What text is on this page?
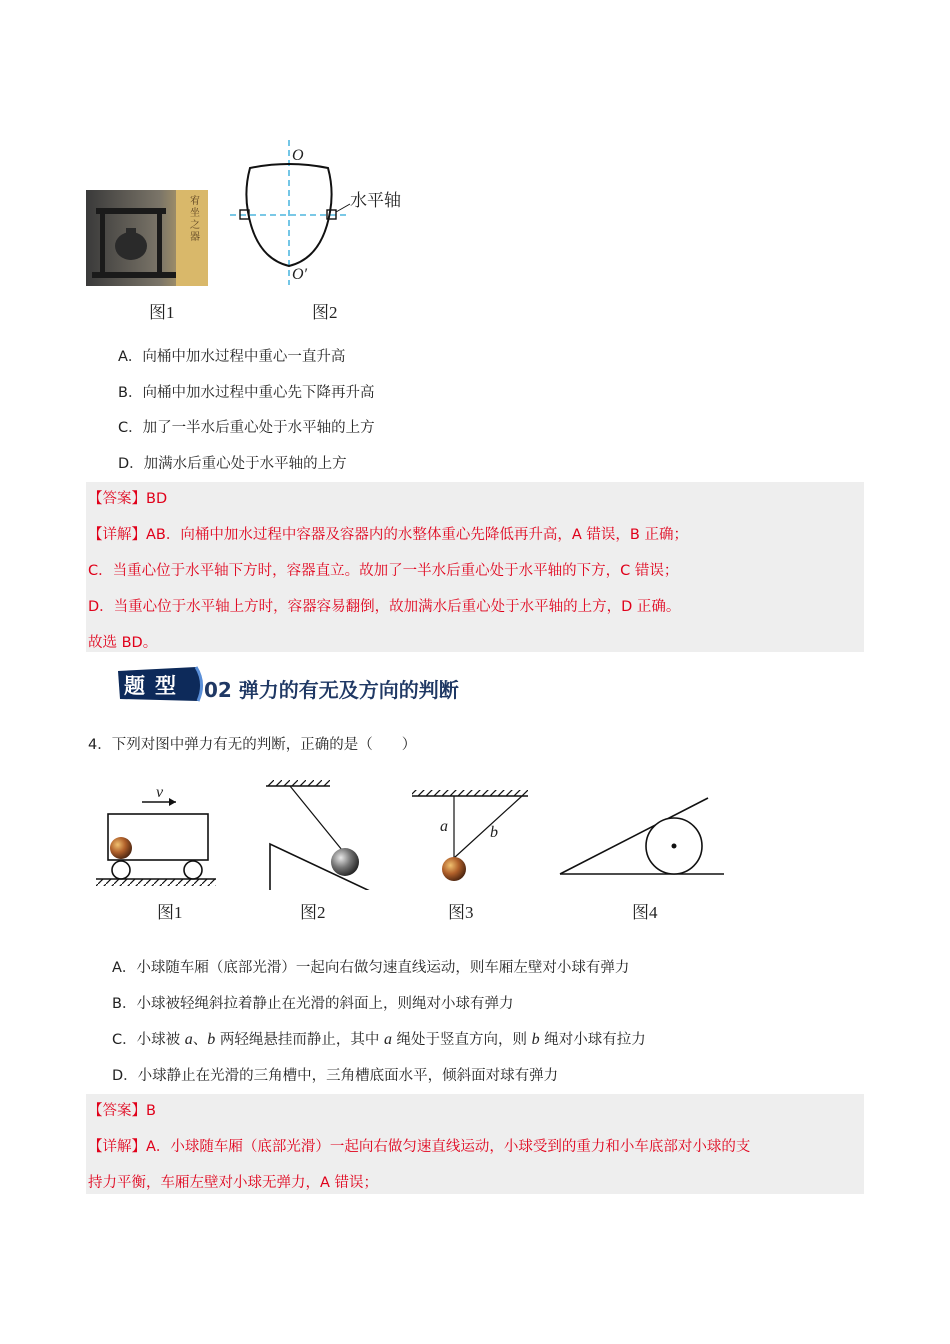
宥坐之器
O
O′
水平轴
图1	图2
A．向桶中加水过程中重心一直升高
B．向桶中加水过程中重心先下降再升高
C．加了一半水后重心处于水平轴的上方
D．加满水后重心处于水平轴的上方
【答案】BD
【详解】AB．向桶中加水过程中容器及容器内的水整体重心先降低再升高，A 错误，B 正确；
C．当重心位于水平轴下方时，容器直立。故加了一半水后重心处于水平轴的下方，C 错误；
D．当重心位于水平轴上方时，容器容易翻倒，故加满水后重心处于水平轴的上方，D 正确。
故选 BD。
题型 02 弹力的有无及方向的判断
4．下列对图中弹力有无的判断，正确的是（　　）
v
a	b
图1	图2	图3	图4
A．小球随车厢（底部光滑）一起向右做匀速直线运动，则车厢左壁对小球有弹力
B．小球被轻绳斜拉着静止在光滑的斜面上，则绳对小球有弹力
C．小球被 a、b 两轻绳悬挂而静止，其中 a 绳处于竖直方向，则 b 绳对小球有拉力
D．小球静止在光滑的三角槽中，三角槽底面水平，倾斜面对球有弹力
【答案】B
【详解】A．小球随车厢（底部光滑）一起向右做匀速直线运动，小球受到的重力和小车底部对小球的支
持力平衡，车厢左壁对小球无弹力，A 错误；
